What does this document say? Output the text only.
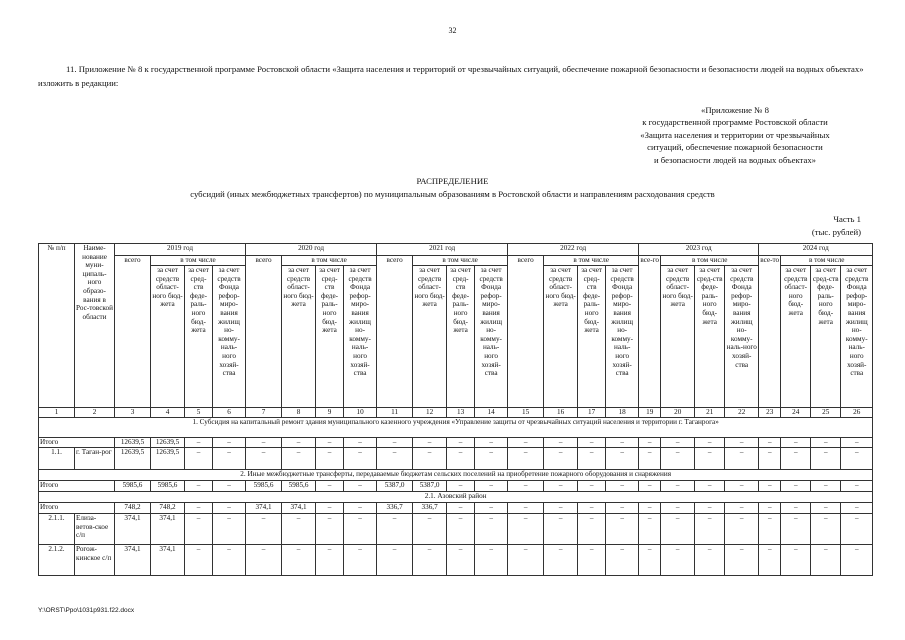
32
11. Приложение № 8 к государственной программе Ростовской области «Защита населения и территорий от чрезвычайных ситуаций, обеспечение пожарной безопасности и безопасности людей на водных объектах» изложить в редакции:
«Приложение № 8
к государственной программе Ростовской области
«Защита населения и территории от чрезвычайных
ситуаций, обеспечение пожарной безопасности
и безопасности людей на водных объектах»
РАСПРЕДЕЛЕНИЕ
субсидий (иных межбюджетных трансфертов) по муниципальным образованиям в Ростовской области и направлениям расходования средств
Часть 1
(тыс. рублей)
№ п/п	Наиме-нование муни-ципаль-ного образо-вания в Рос-товской области	2019 год				2020 год				2021 год				2022 год				2023 год				2024 год			
		всего	в том числе			всего	в том числе			всего	в том числе			всего	в том числе			все-го	в том числе			все-то	в том числе		
			за счет средств област-ного бюд-жета	за счет сред-ств феде-раль-ного бюд-жета	за счет средств Фонда рефор-миро-вания жилищ но-комму-наль-ного хозяй-ства		за счет средств област-ного бюд-жета	за счет сред-ств феде-раль-ного бюд-жета	за счет средств Фонда рефор-миро-вания жилищ но-комму-наль-ного хозяй-ства		за счет средств област-ного бюд-жета	за счет сред-ств феде-раль-ного бюд-жета	за счет средств Фонда рефор-миро-вания жилищ но-комму-наль-ного хозяй-ства		за счет средств област-ного бюд-жета	за счет сред-ств феде-раль-ного бюд-жета	за счет средств Фонда рефор-миро-вания жилищ но-комму-наль-ного хозяй-ства		за счет средств област-ного бюд-жета	за счет сред-ств феде-раль-ного бюд-жета	за счет средств Фонда рефор-миро-вания жилищ но-комму-наль-ного хозяй-ства		за счет средств област-ного бюд-жета	за счет сред-ств феде-раль-ного бюд-жета	за счет средств Фонда рефор-миро-вания жилищ но-комму-наль-ного хозяй-ства
1	2	3	4	5	6	7	8	9	10	11	12	13	14	15	16	17	18	19	20	21	22	23	24	25	26
1. Субсидия на капитальный ремонт здания муниципального казенного учреждения «Управление защиты от чрезвычайных ситуаций населения и территории г. Таганрога»																									
Итого		12639,5	12639,5	–	–	–	–	–	–	–	–	–	–	–	–	–	–	–	–	–	–	–	–	–	–
1.1.	г. Таган-рог	12639,5	12639,5	–	–	–	–	–	–	–	–	–	–	–	–	–	–	–	–	–	–	–	–	–	–
2. Иные межбюджетные трансферты, передаваемые бюджетам сельских поселений на приобретение пожарного оборудования и снаряжения																									
Итого		5985,6	5985,6	–	–	5985,6	5985,6	–	–	5387,0	5387,0	–	–	–	–	–	–	–	–	–	–	–	–	–	–
2.1. Азовский район																									
Итого		748,2	748,2	–	–	374,1	374,1	–	–	336,7	336,7	–	–	–	–	–	–	–	–	–	–	–	–	–	–
2.1.1.	Елиза-ветов-ское с/п	374,1	374,1	–	–	–	–	–	–	–	–	–	–	–	–	–	–	–	–	–	–	–	–	–	–
2.1.2.	Рогож-кинское с/п	374,1	374,1	–	–	–	–	–	–	–	–	–	–	–	–	–	–	–	–	–	–	–	–	–	–
Y:\ORST\Ppo\1031p931.f22.docx
